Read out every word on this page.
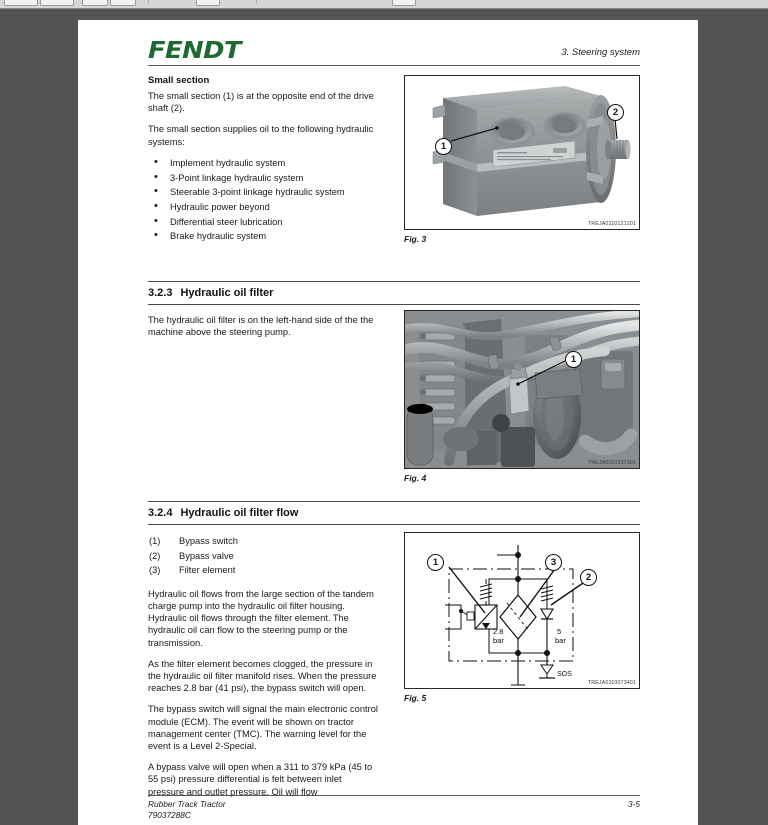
FENDT	3. Steering system
Small section

The small section (1) is at the opposite end of the drive shaft (2).

The small section supplies oil to the following hydraulic systems:

• Implement hydraulic system
• 3-Point linkage hydraulic system
• Steerable 3-point linkage hydraulic system
• Hydraulic power beyond
• Differential steer lubrication
• Brake hydraulic system
1
2
TREJA0110121201
Fig. 3
3.2.3 Hydraulic oil filter

The hydraulic oil filter is on the left-hand side of the the machine above the steering pump.

1
TREJA0110337301
Fig. 4
3.2.4 Hydraulic oil filter flow
(1)	Bypass switch
(2)	Bypass valve
(3)	Filter element

Hydraulic oil flows from the large section of the tandem charge pump into the hydraulic oil filter housing. Hydraulic oil flows through the filter element. The hydraulic oil can flow to the steering pump or the transmission.

As the filter element becomes clogged, the pressure in the hydraulic oil filter manifold rises. When the pressure reaches 2.8 bar (41 psi), the bypass switch will open.

The bypass switch will signal the main electronic control module (ECM). The event will be shown on tractor management center (TMC). The warning level for the event is a Level 2-Special.

A bypass valve will open when a 311 to 379 kPa (45 to 55 psi) pressure differential is felt between inlet pressure and outlet pressure. Oil will flow

2.8
bar
5
bar
SOS
1	3
2
TREJA0110073401
Fig. 5
Rubber Track Tractor
79037288C
3-5
